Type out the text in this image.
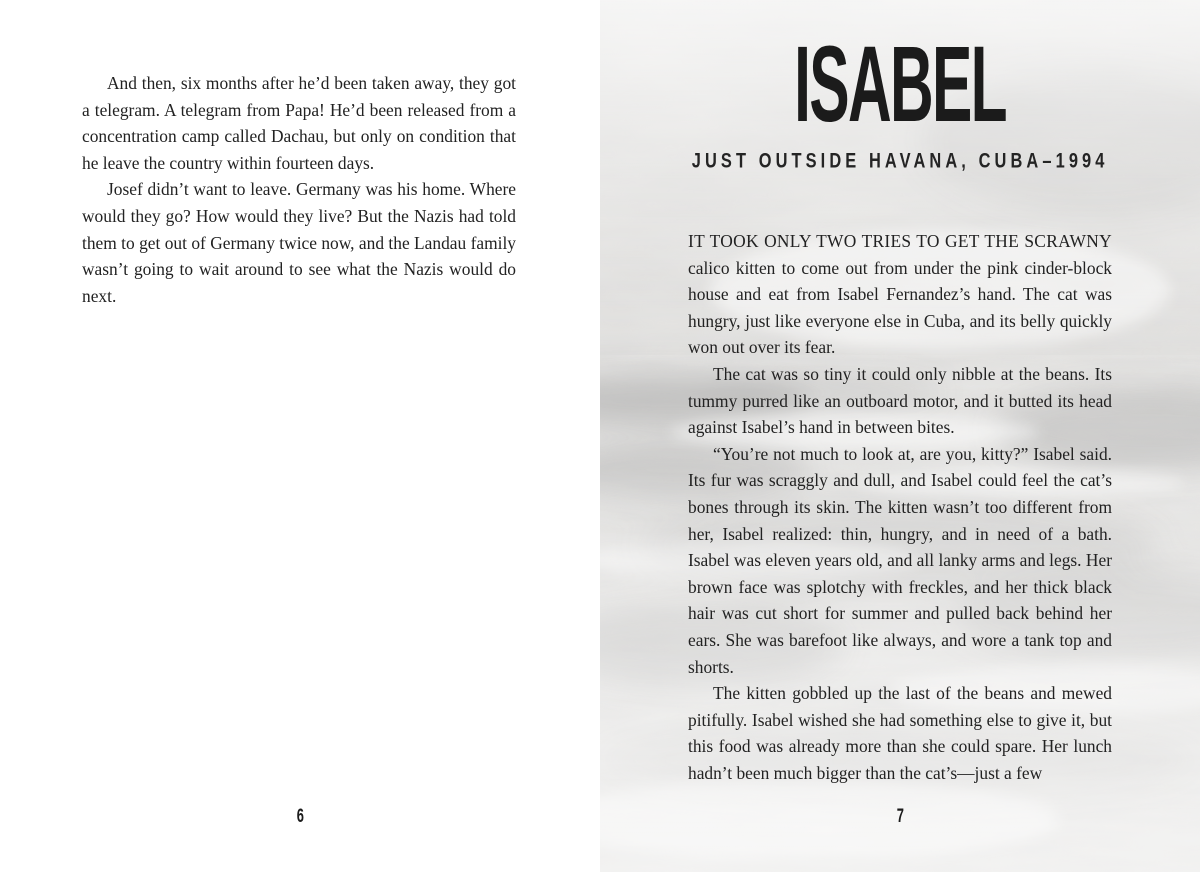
And then, six months after he’d been taken away, they got a telegram. A telegram from Papa! He’d been released from a concentration camp called Dachau, but only on condition that he leave the country within fourteen days.

Josef didn’t want to leave. Germany was his home. Where would they go? How would they live? But the Nazis had told them to get out of Germany twice now, and the Landau family wasn’t going to wait around to see what the Nazis would do next.

6
ISABEL
JUST OUTSIDE HAVANA, CUBA–1994

IT TOOK ONLY TWO TRIES TO GET THE SCRAWNY calico kitten to come out from under the pink cinder-block house and eat from Isabel Fernandez’s hand. The cat was hungry, just like everyone else in Cuba, and its belly quickly won out over its fear.

The cat was so tiny it could only nibble at the beans. Its tummy purred like an outboard motor, and it butted its head against Isabel’s hand in between bites.

“You’re not much to look at, are you, kitty?” Isabel said. Its fur was scraggly and dull, and Isabel could feel the cat’s bones through its skin. The kitten wasn’t too different from her, Isabel realized: thin, hungry, and in need of a bath. Isabel was eleven years old, and all lanky arms and legs. Her brown face was splotchy with freckles, and her thick black hair was cut short for summer and pulled back behind her ears. She was barefoot like always, and wore a tank top and shorts.

The kitten gobbled up the last of the beans and mewed pitifully. Isabel wished she had something else to give it, but this food was already more than she could spare. Her lunch hadn’t been much bigger than the cat’s—just a few

7
